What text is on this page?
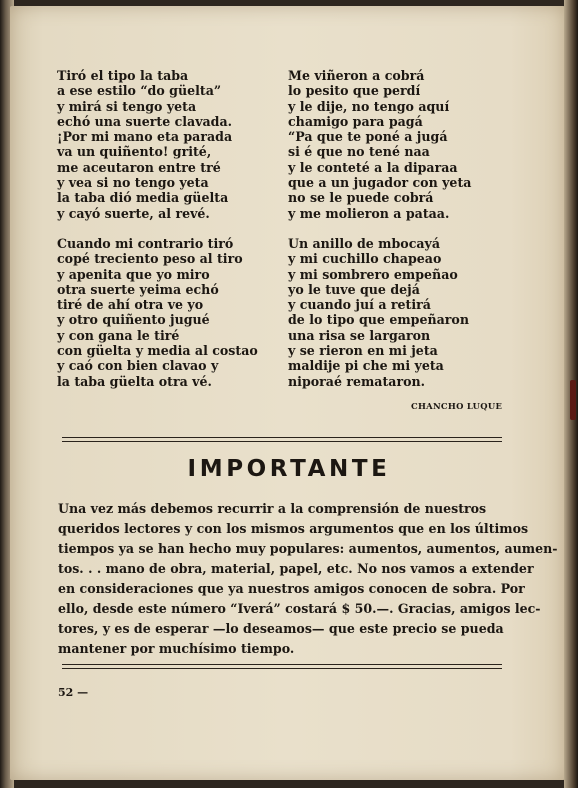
Tiró el tipo la taba
a ese estilo “do güelta”
y mirá si tengo yeta
echó una suerte clavada.
¡Por mi mano eta parada
va un quiñento! grité,
me aceutaron entre tré
y vea si no tengo yeta
la taba dió media güelta
y cayó suerte, al revé.
Cuando mi contrario tiró
copé treciento peso al tiro
y apenita que yo miro
otra suerte yeima echó
tiré de ahí otra ve yo
y otro quiñento jugué
y con gana le tiré
con güelta y media al costao
y caó con bien clavao y
la taba güelta otra vé.
Me viñeron a cobrá
lo pesito que perdí
y le dije, no tengo aquí
chamigo para pagá
“Pa que te poné a jugá
si é que no tené naa
y le conteté a la diparaa
que a un jugador con yeta
no se le puede cobrá
y me molieron a pataa.
Un anillo de mbocayá
y mi cuchillo chapeao
y mi sombrero empeñao
yo le tuve que dejá
y cuando juí a retirá
de lo tipo que empeñaron
una risa se largaron
y se rieron en mi jeta
maldije pi che mi yeta
niporaé remataron.
CHANCHO LUQUE
IMPORTANTE
Una vez más debemos recurrir a la comprensión de nuestros
queridos lectores y con los mismos argumentos que en los últimos
tiempos ya se han hecho muy populares: aumentos, aumentos, aumen-
tos. . . mano de obra, material, papel, etc. No nos vamos a extender
en consideraciones que ya nuestros amigos conocen de sobra. Por
ello, desde este número “Iverá” costará $ 50.—. Gracias, amigos lec-
tores, y es de esperar —lo deseamos— que este precio se pueda
mantener por muchísimo tiempo.
52 —
